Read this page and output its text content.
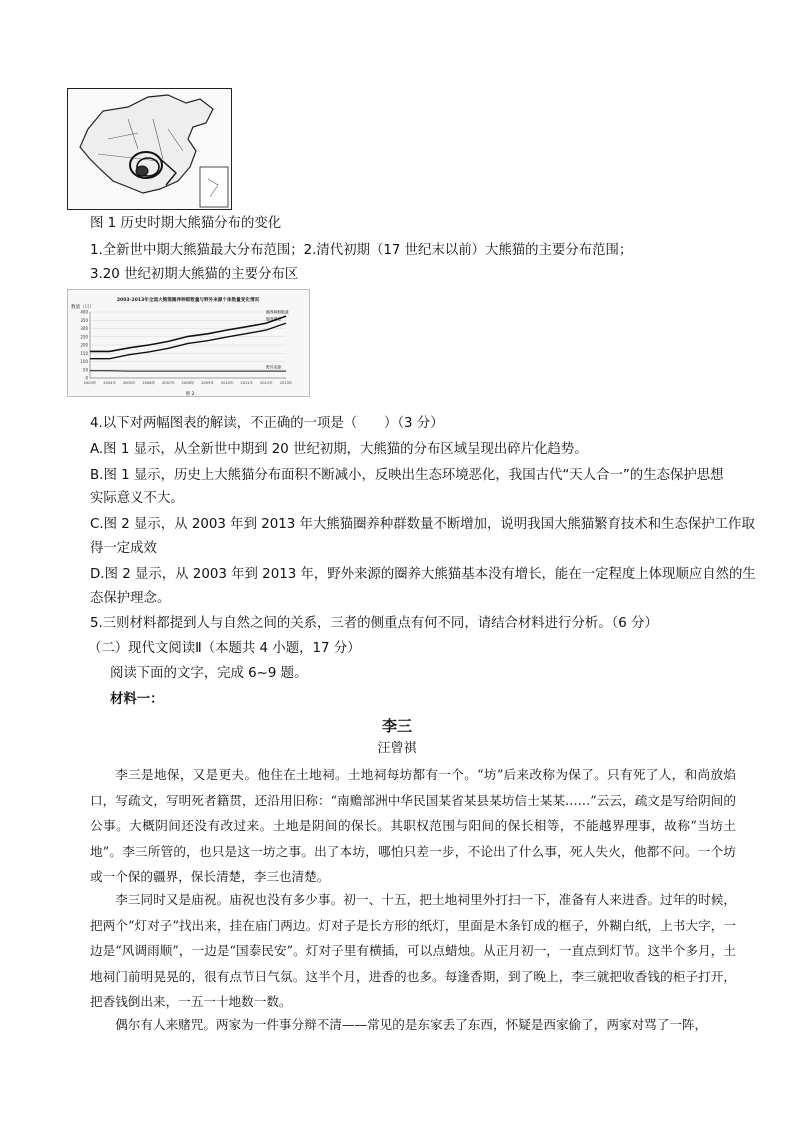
图 1 历史时期大熊猫分布的变化
1.全新世中期大熊猫最大分布范围；2.清代初期（17 世纪末以前）大熊猫的主要分布范围；
3.20 世纪初期大熊猫的主要分布区
2003-2013年全国大熊猫圈养种群数量与野外来源个体数量变化情况
数量（只）
图 2
0
50
100
150
200
250
300
350
400
2003年 2004年 2005年 2006年 2007年 2008年 2009年 2010年 2011年 2012年 2013年
圈养种群数量
圈养繁育
野外来源
4.以下对两幅图表的解读，不正确的一项是（　　）（3 分）
A.图 1 显示，从全新世中期到 20 世纪初期，大熊猫的分布区域呈现出碎片化趋势。
B.图 1 显示，历史上大熊猫分布面积不断减小，反映出生态环境恶化，我国古代“天人合一”的生态保护思想
实际意义不大。
C.图 2 显示，从 2003 年到 2013 年大熊猫圈养种群数量不断增加，说明我国大熊猫繁育技术和生态保护工作取
得一定成效
D.图 2 显示，从 2003 年到 2013 年，野外来源的圈养大熊猫基本没有增长，能在一定程度上体现顺应自然的生
态保护理念。
5.三则材料都提到人与自然之间的关系，三者的侧重点有何不同，请结合材料进行分析。（6 分）
（二）现代文阅读Ⅱ（本题共 4 小题，17 分）
阅读下面的文字，完成 6~9 题。
材料一：
李三
汪曾祺
李三是地保，又是更夫。他住在土地祠。土地祠每坊都有一个。“坊”后来改称为保了。只有死了人，和尚放焰口，写疏文，写明死者籍贯，还沿用旧称：“南赡部洲中华民国某省某县某坊信士某某……”云云，疏文是写给阴间的公事。大概阴间还没有改过来。土地是阴间的保长。其职权范围与阳间的保长相等，不能越界理事，故称“当坊土地”。李三所管的，也只是这一坊之事。出了本坊，哪怕只差一步，不论出了什么事，死人失火，他都不问。一个坊或一个保的疆界，保长清楚，李三也清楚。
李三同时又是庙祝。庙祝也没有多少事。初一、十五，把土地祠里外打扫一下，准备有人来进香。过年的时候，把两个“灯对子”找出来，挂在庙门两边。灯对子是长方形的纸灯，里面是木条钉成的框子，外糊白纸，上书大字，一边是“风调雨顺”，一边是“国泰民安”。灯对子里有横插，可以点蜡烛。从正月初一，一直点到灯节。这半个多月，土地祠门前明晃晃的，很有点节日气氛。这半个月，进香的也多。每逢香期，到了晚上，李三就把收香钱的柜子打开，把香钱倒出来，一五一十地数一数。
偶尔有人来赌咒。两家为一件事分辩不清——常见的是东家丢了东西，怀疑是西家偷了，两家对骂了一阵，
